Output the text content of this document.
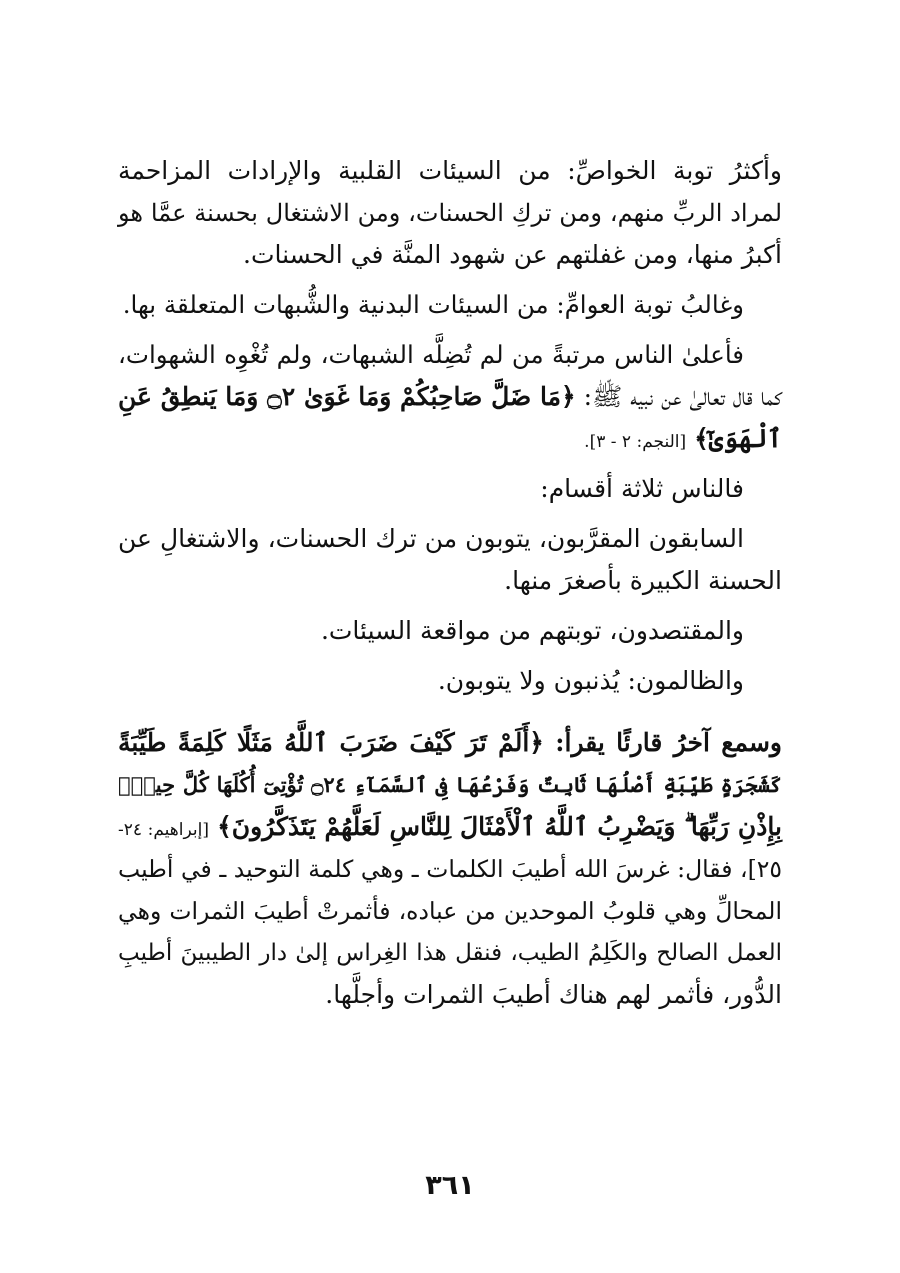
وأكثرُ توبة الخواصِّ: من السيئات القلبية والإرادات المزاحمة
لمراد الربِّ منهم، ومن تركِ الحسنات، ومن الاشتغال بحسنة عمَّا هو
أكبرُ منها، ومن غفلتهم عن شهود المنَّة في الحسنات.
وغالبُ توبة العوامِّ: من السيئات البدنية والشُّبهات المتعلقة بها.
فأعلىٰ الناس مرتبةً من لم تُضِلَّه الشبهات، ولم تُغْوِه الشهوات،
كما قال تعالىٰ عن نبيه ﷺ: ﴿مَا ضَلَّ صَاحِبُكُمْ وَمَا غَوَىٰ ۝٢ وَمَا يَنطِقُ عَنِ
ٱلْهَوَىٰٓ﴾ [النجم: ٢ - ٣].
فالناس ثلاثة أقسام:
السابقون المقرَّبون، يتوبون من ترك الحسنات، والاشتغالِ عن
الحسنة الكبيرة بأصغرَ منها.
والمقتصدون، توبتهم من مواقعة السيئات.
والظالمون: يُذنبون ولا يتوبون.
وسمع آخرُ قارئًا يقرأ: ﴿أَلَمْ تَرَ كَيْفَ ضَرَبَ ٱللَّهُ مَثَلًا كَلِمَةً طَيِّبَةً
كَشَجَرَةٍ طَيِّبَةٍ أَصْلُهَا ثَابِتٌ وَفَرْعُهَا فِى ٱلسَّمَآءِ ۝٢٤ تُؤْتِىٓ أُكُلَهَا كُلَّ حِينٍۭ
بِإِذْنِ رَبِّهَا ۗ وَيَضْرِبُ ٱللَّهُ ٱلْأَمْثَالَ لِلنَّاسِ لَعَلَّهُمْ يَتَذَكَّرُونَ﴾ [إبراهيم: ٢٤-
٢٥]، فقال: غرسَ الله أطيبَ الكلمات ـ وهي كلمة التوحيد ـ في أطيب
المحالِّ وهي قلوبُ الموحدين من عباده، فأثمرتْ أطيبَ الثمرات وهي
العمل الصالح والكَلِمُ الطيب، فنقل هذا الغِراس إلىٰ دار الطيبينَ أطيبِ
الدُّور، فأثمر لهم هناك أطيبَ الثمرات وأجلَّها.
٣٦١
